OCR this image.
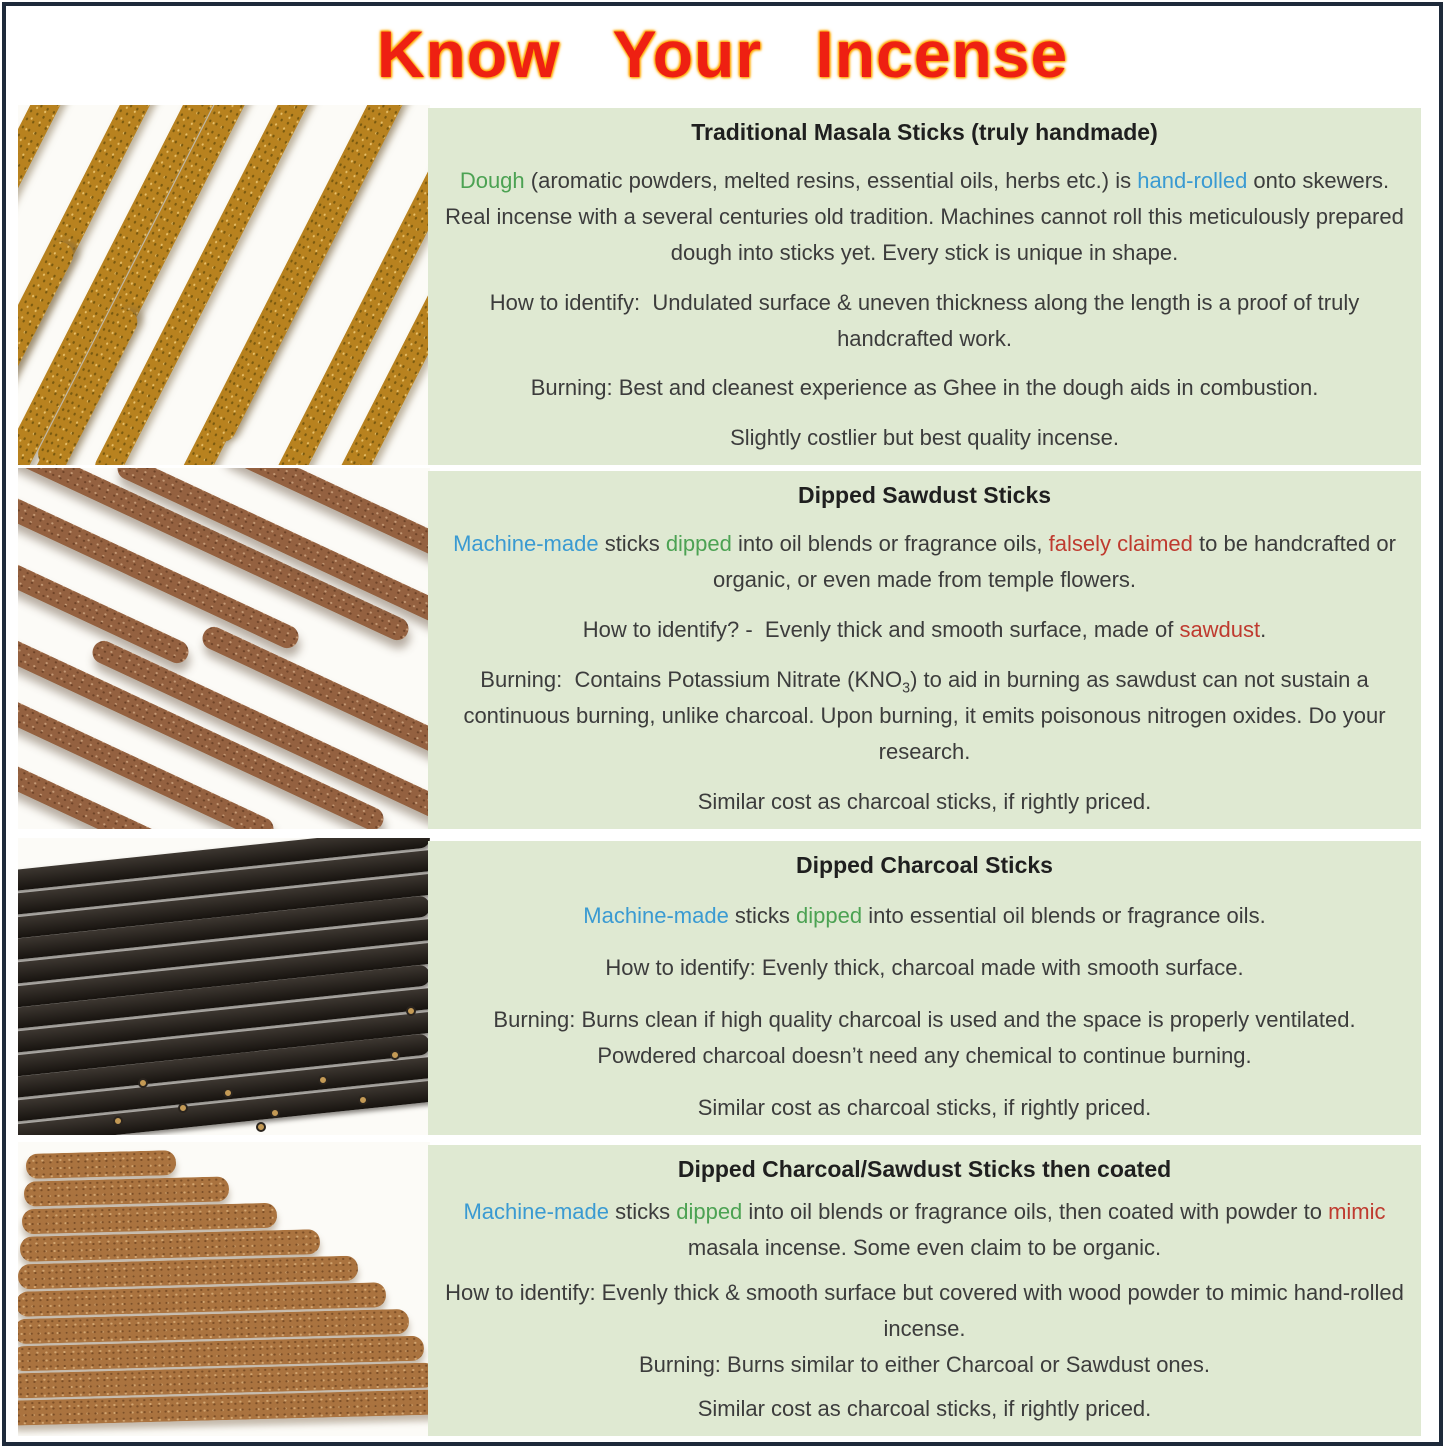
Know Your Incense
Traditional Masala Sticks (truly handmade)

Dough (aromatic powders, melted resins, essential oils, herbs etc.) is hand-rolled onto skewers. Real incense with a several centuries old tradition. Machines cannot roll this meticulously prepared dough into sticks yet. Every stick is unique in shape.

How to identify:  Undulated surface & uneven thickness along the length is a proof of truly handcrafted work.

Burning: Best and cleanest experience as Ghee in the dough aids in combustion.

Slightly costlier but best quality incense.

Dipped Sawdust Sticks

Machine-made sticks dipped into oil blends or fragrance oils, falsely claimed to be handcrafted or organic, or even made from temple flowers.

How to identify? -  Evenly thick and smooth surface, made of sawdust.

Burning:  Contains Potassium Nitrate $(KNO_3)$ to aid in burning as sawdust can not sustain a continuous burning, unlike charcoal. Upon burning, it emits poisonous nitrogen oxides. Do your research.

Similar cost as charcoal sticks, if rightly priced.

Dipped Charcoal Sticks

Machine-made sticks dipped into essential oil blends or fragrance oils.

How to identify: Evenly thick, charcoal made with smooth surface.

Burning: Burns clean if high quality charcoal is used and the space is properly ventilated. Powdered charcoal doesn’t need any chemical to continue burning.

Similar cost as charcoal sticks, if rightly priced.

Dipped Charcoal/Sawdust Sticks then coated

Machine-made sticks dipped into oil blends or fragrance oils, then coated with powder to mimic masala incense. Some even claim to be organic.

How to identify: Evenly thick & smooth surface but covered with wood powder to mimic hand-rolled incense.

Burning: Burns similar to either Charcoal or Sawdust ones.

Similar cost as charcoal sticks, if rightly priced.
